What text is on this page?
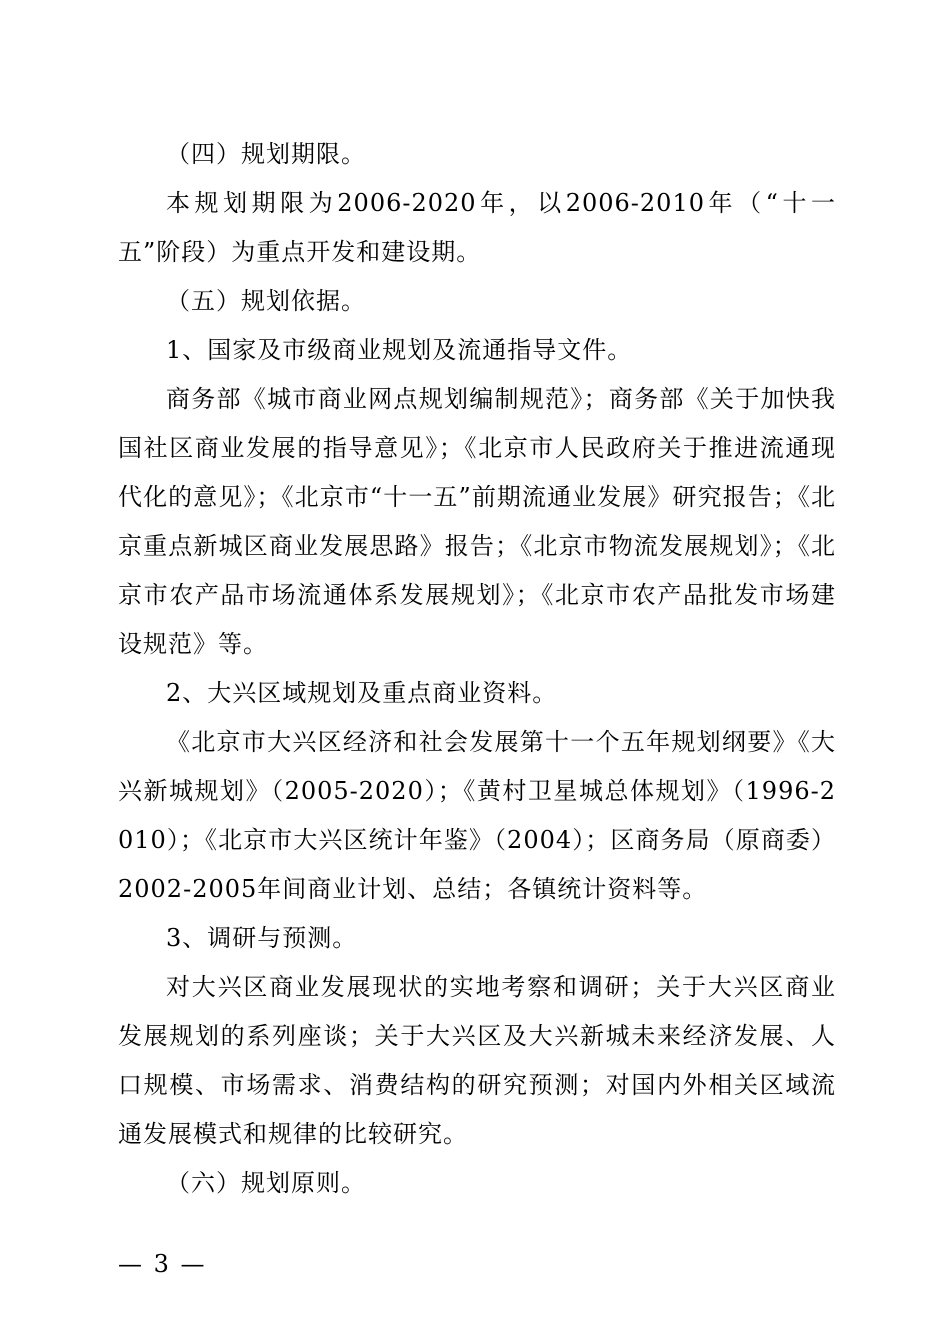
（四）规划期限。

本规划期限为2006-2020年，以2006-2010年（“十一五”阶段）为重点开发和建设期。

（五）规划依据。

1、国家及市级商业规划及流通指导文件。

商务部《城市商业网点规划编制规范》；商务部《关于加快我国社区商业发展的指导意见》；《北京市人民政府关于推进流通现代化的意见》；《北京市“十一五”前期流通业发展》研究报告；《北京重点新城区商业发展思路》报告；《北京市物流发展规划》；《北京市农产品市场流通体系发展规划》；《北京市农产品批发市场建设规范》等。

2、大兴区域规划及重点商业资料。

《北京市大兴区经济和社会发展第十一个五年规划纲要》《大兴新城规划》（2005-2020）；《黄村卫星城总体规划》（1996-2010）；《北京市大兴区统计年鉴》（2004）；区商务局（原商委）2002-2005年间商业计划、总结；各镇统计资料等。

3、调研与预测。

对大兴区商业发展现状的实地考察和调研；关于大兴区商业发展规划的系列座谈；关于大兴区及大兴新城未来经济发展、人口规模、市场需求、消费结构的研究预测；对国内外相关区域流通发展模式和规律的比较研究。

（六）规划原则。

— 3 —
